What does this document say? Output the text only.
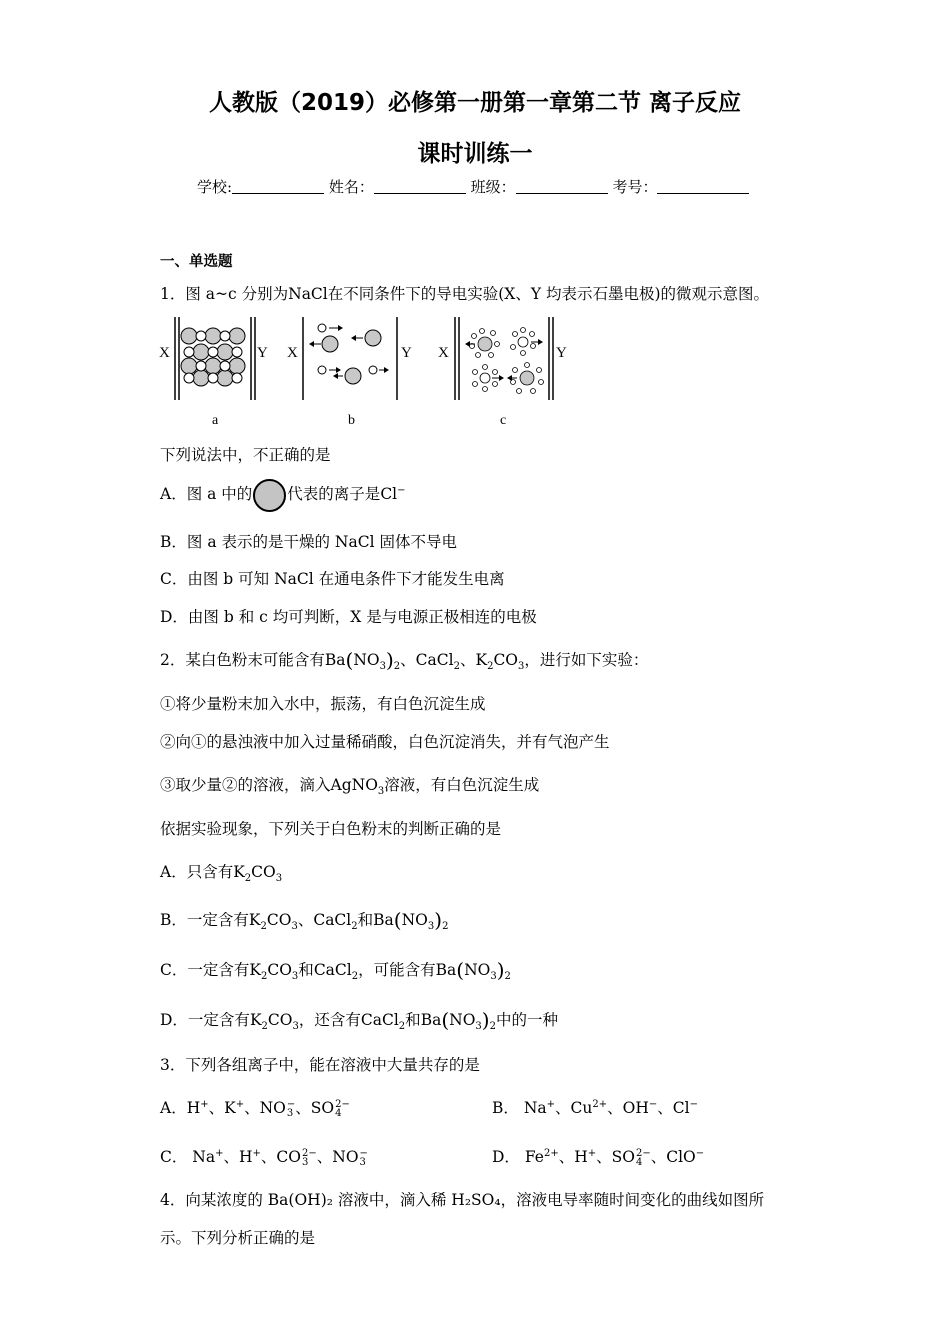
人教版（2019）必修第一册第一章第二节 离子反应
课时训练一
学校:	姓名：	班级：	考号：
一、单选题
1．图 a~c 分别为NaCl在不同条件下的导电实验(X、Y 均表示石墨电极)的微观示意图。
X	Y
a
X	Y
b
X	Y
c
下列说法中，不正确的是
A．图 a 中的 代表的离子是Cl−
B．图 a 表示的是干燥的 NaCl 固体不导电
C．由图 b 可知 NaCl 在通电条件下才能发生电离
D．由图 b 和 c 均可判断，X 是与电源正极相连的电极
2．某白色粉末可能含有$Ba(NO_3)_2$、CaCl$_2$、$K_2CO_3$，进行如下实验：
①将少量粉末加入水中，振荡，有白色沉淀生成
②向①的悬浊液中加入过量稀硝酸，白色沉淀消失，并有气泡产生
③取少量②的溶液，滴入AgNO$_3$溶液，有白色沉淀生成
依据实验现象，下列关于白色粉末的判断正确的是
A．只含有$K_2CO_3$
B．一定含有$K_2CO_3$、CaCl$_2$和$Ba(NO_3)_2$
C．一定含有$K_2CO_3$和CaCl$_2$，可能含有$Ba(NO_3)_2$
D．一定含有$K_2CO_3$，还含有CaCl$_2$和$Ba(NO_3)_2$中的一种
3．下列各组离子中，能在溶液中大量共存的是
A．H+、K+、NO −
3 、SO 2−
4	B． Na+、$Cu^{2+}$、OH−、Cl−
C． Na+、H+、CO 2−
3 、NO −
3	D． $Fe^{2+}$、H+、SO 2−
4 、ClO−
4．向某浓度的 Ba(OH)₂ 溶液中，滴入稀 H₂SO₄，溶液电导率随时间变化的曲线如图所
示。下列分析正确的是
